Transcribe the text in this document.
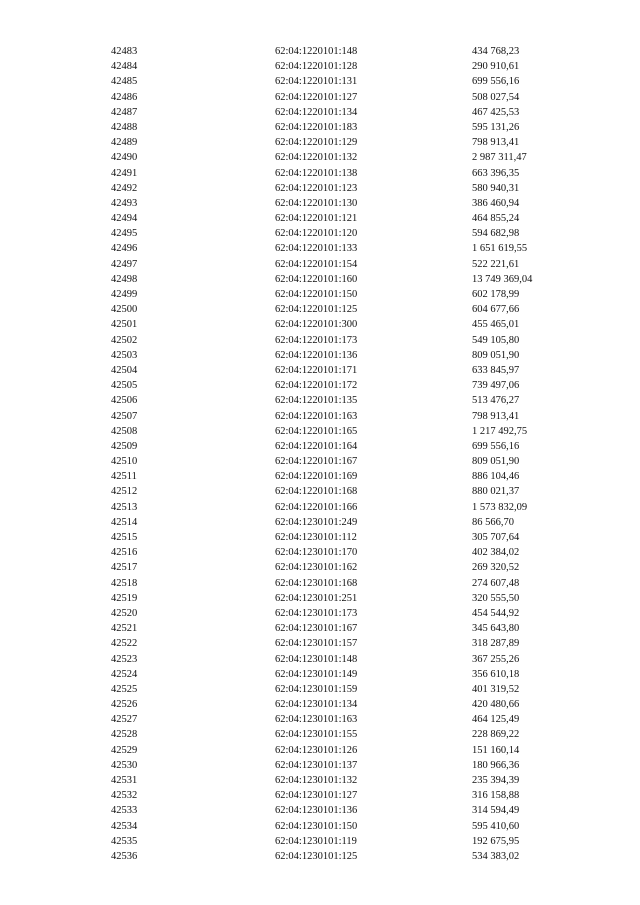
42483	62:04:1220101:148	434 768,23
42484	62:04:1220101:128	290 910,61
42485	62:04:1220101:131	699 556,16
42486	62:04:1220101:127	508 027,54
42487	62:04:1220101:134	467 425,53
42488	62:04:1220101:183	595 131,26
42489	62:04:1220101:129	798 913,41
42490	62:04:1220101:132	2 987 311,47
42491	62:04:1220101:138	663 396,35
42492	62:04:1220101:123	580 940,31
42493	62:04:1220101:130	386 460,94
42494	62:04:1220101:121	464 855,24
42495	62:04:1220101:120	594 682,98
42496	62:04:1220101:133	1 651 619,55
42497	62:04:1220101:154	522 221,61
42498	62:04:1220101:160	13 749 369,04
42499	62:04:1220101:150	602 178,99
42500	62:04:1220101:125	604 677,66
42501	62:04:1220101:300	455 465,01
42502	62:04:1220101:173	549 105,80
42503	62:04:1220101:136	809 051,90
42504	62:04:1220101:171	633 845,97
42505	62:04:1220101:172	739 497,06
42506	62:04:1220101:135	513 476,27
42507	62:04:1220101:163	798 913,41
42508	62:04:1220101:165	1 217 492,75
42509	62:04:1220101:164	699 556,16
42510	62:04:1220101:167	809 051,90
42511	62:04:1220101:169	886 104,46
42512	62:04:1220101:168	880 021,37
42513	62:04:1220101:166	1 573 832,09
42514	62:04:1230101:249	86 566,70
42515	62:04:1230101:112	305 707,64
42516	62:04:1230101:170	402 384,02
42517	62:04:1230101:162	269 320,52
42518	62:04:1230101:168	274 607,48
42519	62:04:1230101:251	320 555,50
42520	62:04:1230101:173	454 544,92
42521	62:04:1230101:167	345 643,80
42522	62:04:1230101:157	318 287,89
42523	62:04:1230101:148	367 255,26
42524	62:04:1230101:149	356 610,18
42525	62:04:1230101:159	401 319,52
42526	62:04:1230101:134	420 480,66
42527	62:04:1230101:163	464 125,49
42528	62:04:1230101:155	228 869,22
42529	62:04:1230101:126	151 160,14
42530	62:04:1230101:137	180 966,36
42531	62:04:1230101:132	235 394,39
42532	62:04:1230101:127	316 158,88
42533	62:04:1230101:136	314 594,49
42534	62:04:1230101:150	595 410,60
42535	62:04:1230101:119	192 675,95
42536	62:04:1230101:125	534 383,02
